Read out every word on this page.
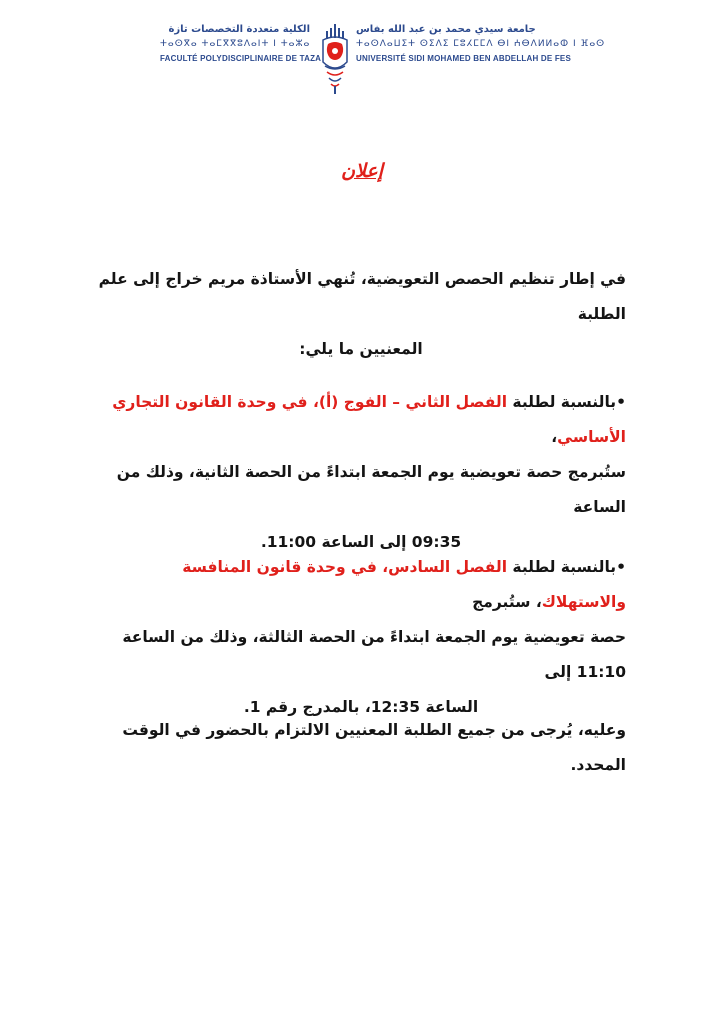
الكلية متعددة التخصصات تازة
ⵜⴰⵙⴳⴰ ⵜⴰⵎⴳⴳⵓⴷⴰⵏⵜ ⵏ ⵜⴰⵣⴰ
FACULTÉ POLYDISCIPLINAIRE DE TAZA
جامعة سيدي محمد بن عبد الله بفاس
ⵜⴰⵙⴷⴰⵡⵉⵜ ⵙⵉⴷⵉ ⵎⵓⵃⵎⵎⴷ ⴱⵏ ⵄⴱⴷⵍⵍⴰⵀ ⵏ ⴼⴰⵙ
UNIVERSITÉ SIDI MOHAMED BEN ABDELLAH DE FES
إعلان

في إطار تنظيم الحصص التعويضية، تُنهي الأستاذة مريم خراج إلى علم الطلبة

المعنيين ما يلي:

•بالنسبة لطلبة الفصل الثاني – الفوج (أ)، في وحدة القانون التجاري الأساسي،

ستُبرمج حصة تعويضية يوم الجمعة ابتداءً من الحصة الثانية، وذلك من الساعة

09:35 إلى الساعة 11:00.

•بالنسبة لطلبة الفصل السادس، في وحدة قانون المنافسة والاستهلاك، ستُبرمج

حصة تعويضية يوم الجمعة ابتداءً من الحصة الثالثة، وذلك من الساعة 11:10 إلى

الساعة 12:35، بالمدرج رقم 1.

وعليه، يُرجى من جميع الطلبة المعنيين الالتزام بالحضور في الوقت المحدد.
